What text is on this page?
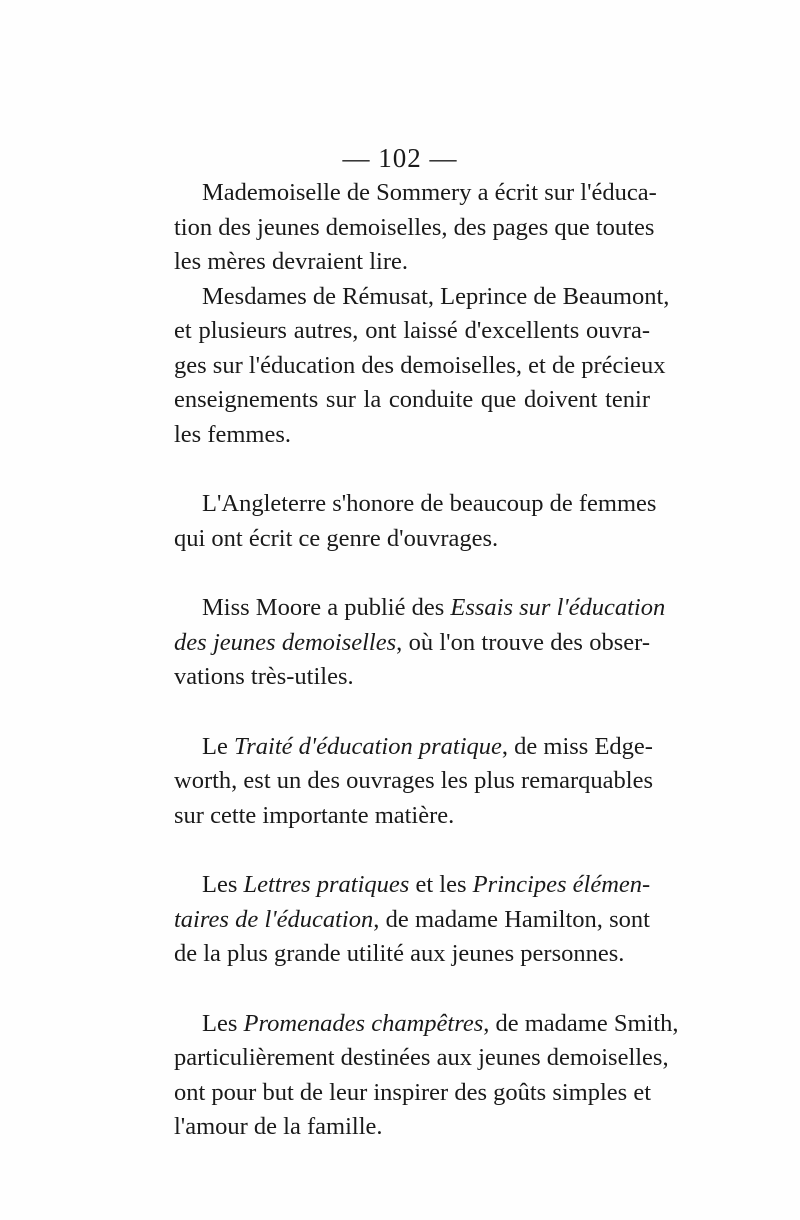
— 102 —
Mademoiselle de Sommery a écrit sur l'éduca-
tion des jeunes demoiselles, des pages que toutes
les mères devraient lire.
Mesdames de Rémusat, Leprince de Beaumont,
et plusieurs autres, ont laissé d'excellents ouvra-
ges sur l'éducation des demoiselles, et de précieux
enseignements sur la conduite que doivent tenir
les femmes.
L'Angleterre s'honore de beaucoup de femmes
qui ont écrit ce genre d'ouvrages.
Miss Moore a publié des Essais sur l'éducation
des jeunes demoiselles, où l'on trouve des obser-
vations très-utiles.
Le Traité d'éducation pratique, de miss Edge-
worth, est un des ouvrages les plus remarquables
sur cette importante matière.
Les Lettres pratiques et les Principes élémen-
taires de l'éducation, de madame Hamilton, sont
de la plus grande utilité aux jeunes personnes.
Les Promenades champêtres, de madame Smith,
particulièrement destinées aux jeunes demoiselles,
ont pour but de leur inspirer des goûts simples et
l'amour de la famille.
